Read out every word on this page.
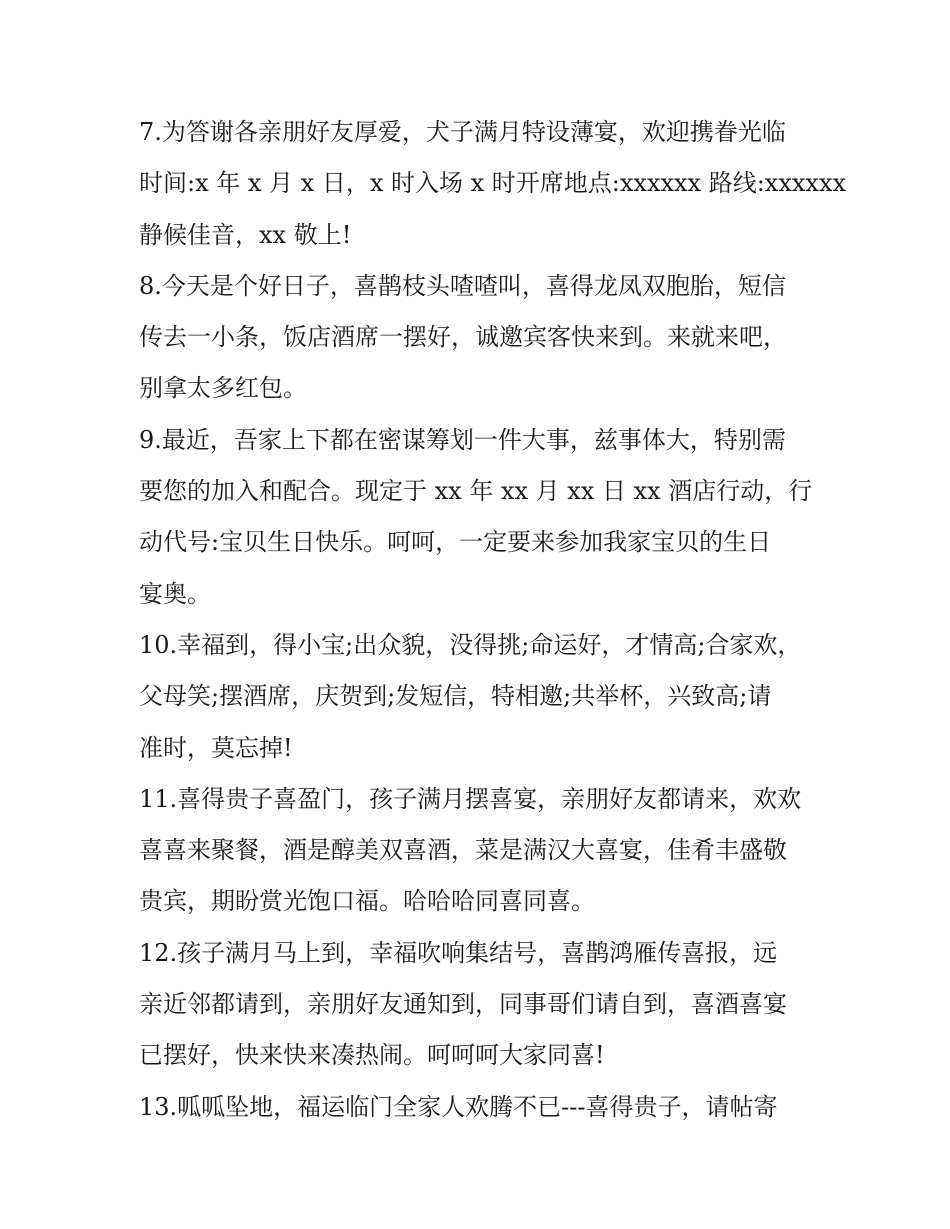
7.为答谢各亲朋好友厚爱，犬子满月特设薄宴，欢迎携眷光临
时间:x 年 x 月 x 日，x 时入场 x 时开席地点:xxxxxx 路线:xxxxxx
静候佳音，xx 敬上!
8.今天是个好日子，喜鹊枝头喳喳叫，喜得龙凤双胞胎，短信
传去一小条，饭店酒席一摆好，诚邀宾客快来到。来就来吧，
别拿太多红包。
9.最近，吾家上下都在密谋筹划一件大事，兹事体大，特别需
要您的加入和配合。现定于 xx 年 xx 月 xx 日 xx 酒店行动，行
动代号:宝贝生日快乐。呵呵，一定要来参加我家宝贝的生日
宴奥。
10.幸福到，得小宝;出众貌，没得挑;命运好，才情高;合家欢，
父母笑;摆酒席，庆贺到;发短信，特相邀;共举杯，兴致高;请
准时，莫忘掉!
11.喜得贵子喜盈门，孩子满月摆喜宴，亲朋好友都请来，欢欢
喜喜来聚餐，酒是醇美双喜酒，菜是满汉大喜宴，佳肴丰盛敬
贵宾，期盼赏光饱口福。哈哈哈同喜同喜。
12.孩子满月马上到，幸福吹响集结号，喜鹊鸿雁传喜报，远
亲近邻都请到，亲朋好友通知到，同事哥们请自到，喜酒喜宴
已摆好，快来快来凑热闹。呵呵呵大家同喜!
13.呱呱坠地，福运临门全家人欢腾不已---喜得贵子，请帖寄
